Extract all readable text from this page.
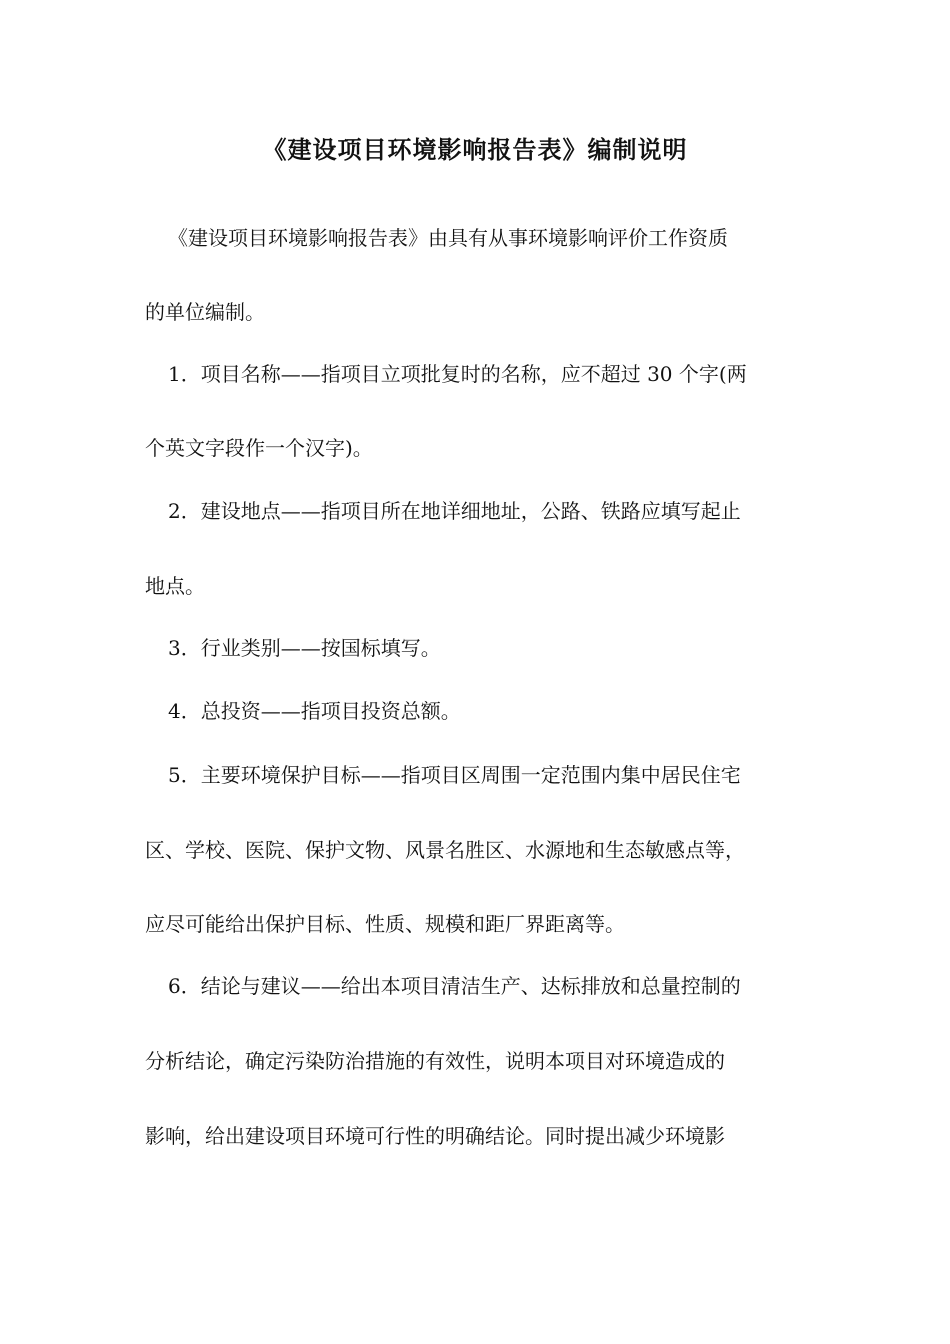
《建设项目环境影响报告表》编制说明
《建设项目环境影响报告表》由具有从事环境影响评价工作资质
的单位编制。
1．项目名称——指项目立项批复时的名称，应不超过 30 个字(两
个英文字段作一个汉字)。
2．建设地点——指项目所在地详细地址，公路、铁路应填写起止
地点。
3．行业类别——按国标填写。
4．总投资——指项目投资总额。
5．主要环境保护目标——指项目区周围一定范围内集中居民住宅
区、学校、医院、保护文物、风景名胜区、水源地和生态敏感点等，
应尽可能给出保护目标、性质、规模和距厂界距离等。
6．结论与建议——给出本项目清洁生产、达标排放和总量控制的
分析结论，确定污染防治措施的有效性，说明本项目对环境造成的
影响，给出建设项目环境可行性的明确结论。同时提出减少环境影
